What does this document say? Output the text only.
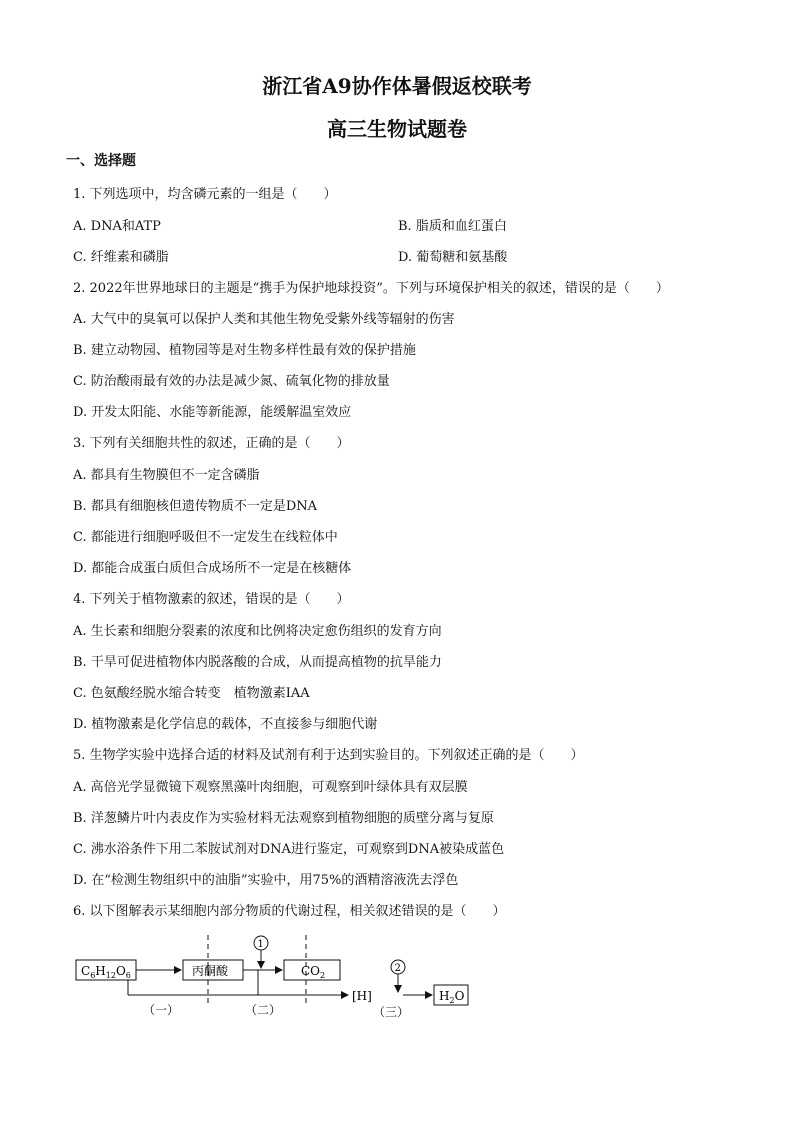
浙江省A9协作体暑假返校联考
高三生物试题卷
一、选择题
1. 下列选项中，均含磷元素的一组是（　　）
A. DNA和ATP	B. 脂质和血红蛋白
C. 纤维素和磷脂	D. 葡萄糖和氨基酸
2. 2022年世界地球日的主题是“携手为保护地球投资”。下列与环境保护相关的叙述，错误的是（　　）
A. 大气中的臭氧可以保护人类和其他生物免受紫外线等辐射的伤害
B. 建立动物园、植物园等是对生物多样性最有效的保护措施
C. 防治酸雨最有效的办法是减少氮、硫氧化物的排放量
D. 开发太阳能、水能等新能源，能缓解温室效应
3. 下列有关细胞共性的叙述，正确的是（　　）
A. 都具有生物膜但不一定含磷脂
B. 都具有细胞核但遗传物质不一定是DNA
C. 都能进行细胞呼吸但不一定发生在线粒体中
D. 都能合成蛋白质但合成场所不一定是在核糖体
4. 下列关于植物激素的叙述，错误的是（　　）
A. 生长素和细胞分裂素的浓度和比例将决定愈伤组织的发育方向
B. 干旱可促进植物体内脱落酸的合成，从而提高植物的抗旱能力
C. 色氨酸经脱水缩合转变　植物激素IAA
D. 植物激素是化学信息的载体，不直接参与细胞代谢
5. 生物学实验中选择合适的材料及试剂有利于达到实验目的。下列叙述正确的是（　　）
A. 高倍光学显微镜下观察黑藻叶肉细胞，可观察到叶绿体具有双层膜
B. 洋葱鳞片叶内表皮作为实验材料无法观察到植物细胞的质壁分离与复原
C. 沸水浴条件下用二苯胺试剂对DNA进行鉴定，可观察到DNA被染成蓝色
D. 在“检测生物组织中的油脂”实验中，用75%的酒精溶液洗去浮色
6. 以下图解表示某细胞内部分物质的代谢过程，相关叙述错误的是（　　）
$C_6H_{12}O_6$	丙酮酸	$CO_2$
$H_2O$
[H]
1
2
（一）	（二）	（三）
